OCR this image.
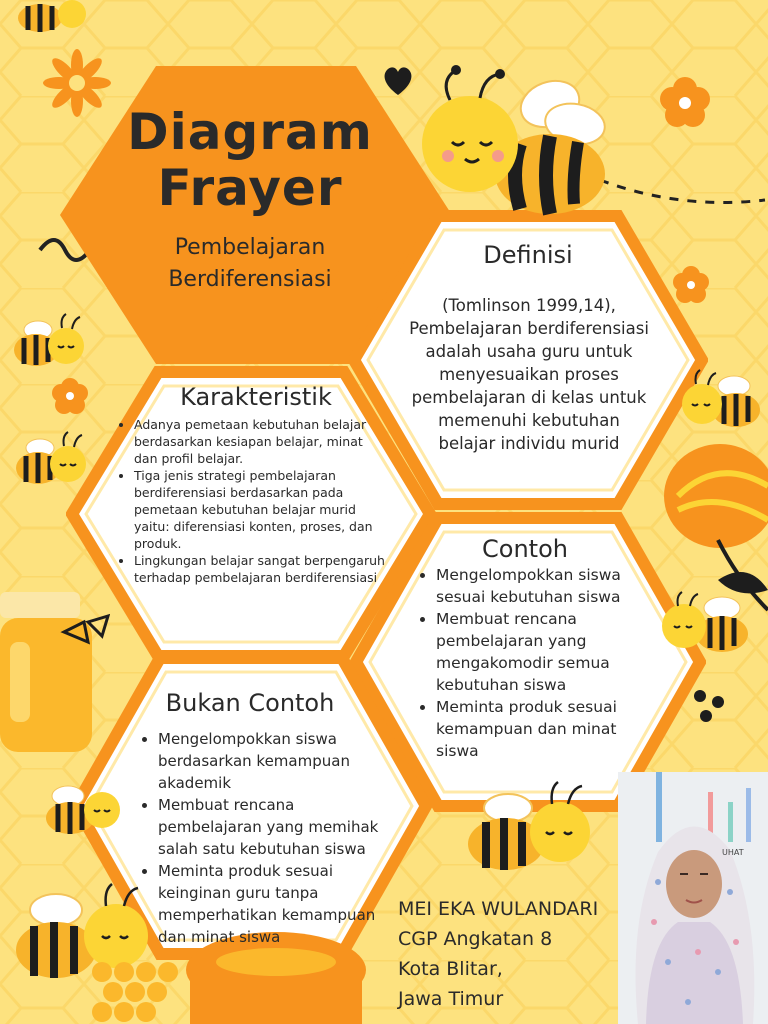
Diagram
Frayer
Pembelajaran
Berdiferensiasi
Definisi
(Tomlinson 1999,14),
Pembelajaran berdiferensiasi
adalah usaha guru untuk
menyesuaikan proses
pembelajaran di kelas untuk
memenuhi kebutuhan
belajar individu murid
Karakteristik
• Adanya pemetaan kebutuhan belajar berdasarkan kesiapan belajar, minat dan profil belajar.
• Tiga jenis strategi pembelajaran berdiferensiasi berdasarkan pada pemetaan kebutuhan belajar murid yaitu: diferensiasi konten, proses, dan produk.
• Lingkungan belajar sangat berpengaruh terhadap pembelajaran berdiferensiasi
Contoh
• Mengelompokkan siswa sesuai kebutuhan siswa
• Membuat rencana pembelajaran yang mengakomodir semua kebutuhan siswa
• Meminta produk sesuai kemampuan dan minat siswa
Bukan Contoh
• Mengelompokkan siswa berdasarkan kemampuan akademik
• Membuat rencana pembelajaran yang memihak salah satu kebutuhan siswa
• Meminta produk sesuai keinginan guru tanpa memperhatikan kemampuan dan minat siswa
MEI EKA WULANDARI
CGP Angkatan 8
Kota Blitar,
Jawa Timur
UHAT
